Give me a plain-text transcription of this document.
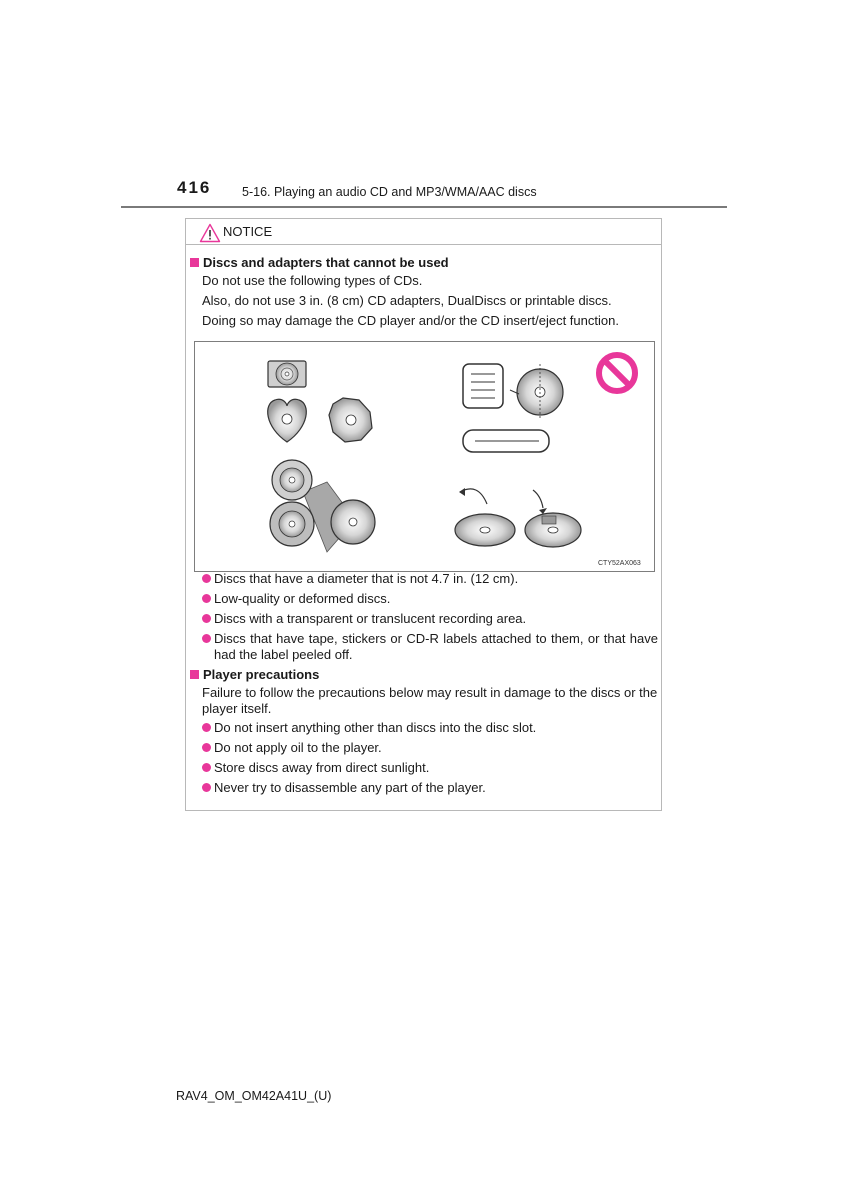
416 5-16. Playing an audio CD and MP3/WMA/AAC discs
NOTICE
Discs and adapters that cannot be used
Do not use the following types of CDs.
Also, do not use 3 in. (8 cm) CD adapters, DualDiscs or printable discs.
Doing so may damage the CD player and/or the CD insert/eject function.
CTY52AX063
Discs that have a diameter that is not 4.7 in. (12 cm).
Low-quality or deformed discs.
Discs with a transparent or translucent recording area.
Discs that have tape, stickers or CD-R labels attached to them, or that have had the label peeled off.
Player precautions
Failure to follow the precautions below may result in damage to the discs or the player itself.
Do not insert anything other than discs into the disc slot.
Do not apply oil to the player.
Store discs away from direct sunlight.
Never try to disassemble any part of the player.
RAV4_OM_OM42A41U_(U)
